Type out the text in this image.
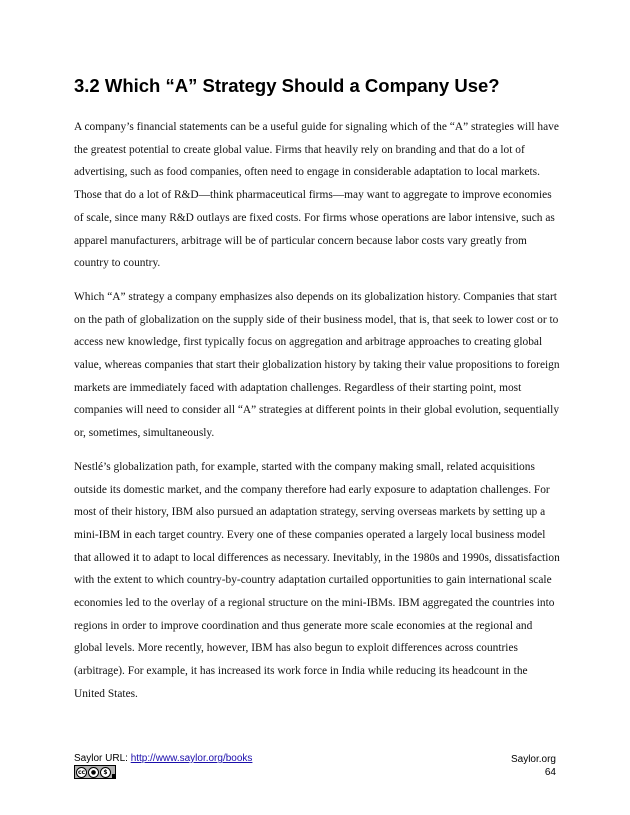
3.2 Which “A” Strategy Should a Company Use?

A company’s financial statements can be a useful guide for signaling which of the “A” strategies will have the greatest potential to create global value. Firms that heavily rely on branding and that do a lot of advertising, such as food companies, often need to engage in considerable adaptation to local markets. Those that do a lot of R&D—think pharmaceutical firms—may want to aggregate to improve economies of scale, since many R&D outlays are fixed costs. For firms whose operations are labor intensive, such as apparel manufacturers, arbitrage will be of particular concern because labor costs vary greatly from country to country.

Which “A” strategy a company emphasizes also depends on its globalization history. Companies that start on the path of globalization on the supply side of their business model, that is, that seek to lower cost or to access new knowledge, first typically focus on aggregation and arbitrage approaches to creating global value, whereas companies that start their globalization history by taking their value propositions to foreign markets are immediately faced with adaptation challenges. Regardless of their starting point, most companies will need to consider all “A” strategies at different points in their global evolution, sequentially or, sometimes, simultaneously.

Nestlé’s globalization path, for example, started with the company making small, related acquisitions outside its domestic market, and the company therefore had early exposure to adaptation challenges. For most of their history, IBM also pursued an adaptation strategy, serving overseas markets by setting up a mini-IBM in each target country. Every one of these companies operated a largely local business model that allowed it to adapt to local differences as necessary. Inevitably, in the 1980s and 1990s, dissatisfaction with the extent to which country-by-country adaptation curtailed opportunities to gain international scale economies led to the overlay of a regional structure on the mini-IBMs. IBM aggregated the countries into regions in order to improve coordination and thus generate more scale economies at the regional and global levels. More recently, however, IBM has also begun to exploit differences across countries (arbitrage). For example, it has increased its work force in India while reducing its headcount in the United States.

Saylor URL: http://www.saylor.org/books
cc ●	$
Saylor.org
64
